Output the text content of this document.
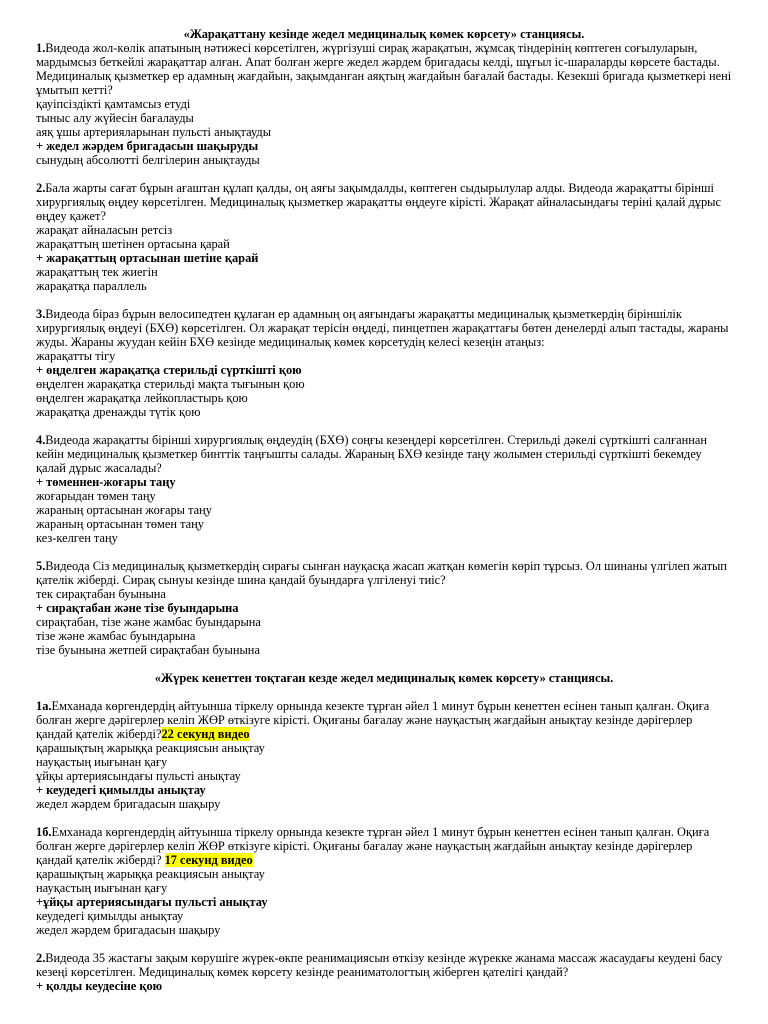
«Жарақаттану кезінде жедел медициналық көмек көрсету» станциясы.

1.Видеода жол-көлік апатының нәтижесі көрсетілген, жүргізуші сирақ жарақатын, жұмсақ тіндерінің көптеген соғылуларын, мардымсыз беткейлі жарақаттар алған. Апат болған жерге жедел жәрдем бригадасы келді, шұғыл іс-шараларды көрсете бастады. Медициналық қызметкер ер адамның жағдайын, зақымданған аяқтың жағдайын бағалай бастады. Кезекші бригада қызметкері нені ұмытып кетті?

қауіпсіздікті қамтамсыз етуді

тыныс алу жүйесін бағалауды

аяқ ұшы артерияларынан пульсті анықтауды

+ жедел жәрдем бригадасын шақыруды

сынудың абсолютті белгілерин анықтауды

2.Бала жарты сағат бұрын ағаштан құлап қалды, оң аяғы зақымдалды, көптеген сыдырылулар алды. Видеода жарақатты бірінші хирургиялық өңдеу көрсетілген. Медициналық қызметкер жарақатты өңдеуге кірісті. Жарақат айналасындағы теріні қалай дұрыс өңдеу қажет?

жарақат айналасын ретсіз

жарақаттың шетінен ортасына қарай

+ жарақаттың ортасынан шетіне қарай

жарақаттың тек жиегін

жарақатқа параллель

3.Видеода біраз бұрын велосипедтен құлаған ер адамның оң аяғындағы жарақатты медициналық қызметкердің біріншілік хирургиялық өңдеуі (БХӨ) көрсетілген. Ол жарақат терісін өңдеді, пинцетпен жарақаттағы бөтен денелерді алып тастады, жараны жуды. Жараны жуудан кейін БХӨ кезінде медициналық көмек көрсетудің келесі кезеңін атаңыз:

жарақатты тігу

+ өңделген жарақатқа стерильді сүрткішті қою

өңделген жарақатқа стерильді мақта тығынын қою

өңделген жарақатқа лейкопластырь қою

жарақатқа дренажды түтік қою

4.Видеода жарақатты бірінші хирургиялық өңдеудің (БХӨ) соңғы кезеңдері көрсетілген. Стерильді дәкелі сүрткішті салғаннан кейін медициналық қызметкер бинттік таңғышты салады. Жараның БХӨ кезінде таңу жолымен стерильді сүрткішті бекемдеу қалай дұрыс жасалады?

+ төменнен-жоғары таңу

жоғарыдан төмен таңу

жараның ортасынан жоғары таңу

жараның ортасынан төмен таңу

кез-келген таңу

5.Видеода Сіз медициналық қызметкердің сирағы сынған науқасқа жасап жатқан көмегін көріп тұрсыз. Ол шинаны үлгілеп жатып қателік жіберді. Сирақ сынуы кезінде шина қандай буындарға үлгіленуі тиіс?

тек сирақтабан буынына

+ сирақтабан және тізе буындарына

сирақтабан, тізе және жамбас буындарына

тізе және жамбас буындарына

тізе буынына жетпей сирақтабан буынына

«Жүрек кенеттен тоқтаған кезде жедел медициналық көмек көрсету» станциясы.

1а.Емханада көргендердің айтуынша тіркелу орнында кезекте тұрған әйел 1 минут бұрын кенеттен есінен танып қалған. Оқиға болған жерге дәрігерлер келіп ЖӨР өткізуге кірісті. Оқиғаны бағалау және науқастың жағдайын анықтау кезінде дәрігерлер қандай қателік жіберді?22 секунд видео

қарашықтың жарыққа реакциясын анықтау

науқастың иығынан қағу

ұйқы артериясындағы пульсті анықтау

+ кеудедегі қимылды анықтау

жедел жәрдем бригадасын шақыру

1б.Емханада көргендердің айтуынша тіркелу орнында кезекте тұрған әйел 1 минут бұрын кенеттен есінен танып қалған. Оқиға болған жерге дәрігерлер келіп ЖӨР өткізуге кірісті. Оқиғаны бағалау және науқастың жағдайын анықтау кезінде дәрігерлер қандай қателік жіберді? 17 секунд видео

қарашықтың жарыққа реакциясын анықтау

науқастың иығынан қағу

+ұйқы артериясындағы пульсті анықтау

кеудедегі қимылды анықтау

жедел жәрдем бригадасын шақыру

2.Видеода 35 жастағы зақым көрушіге жүрек-өкпе реанимациясын өткізу кезінде жүрекке жанама массаж жасаудағы кеудені басу кезеңі көрсетілген. Медициналық көмек көрсету кезінде реаниматологтың жіберген қателігі қандай?

+ қолды кеудесіне қою
